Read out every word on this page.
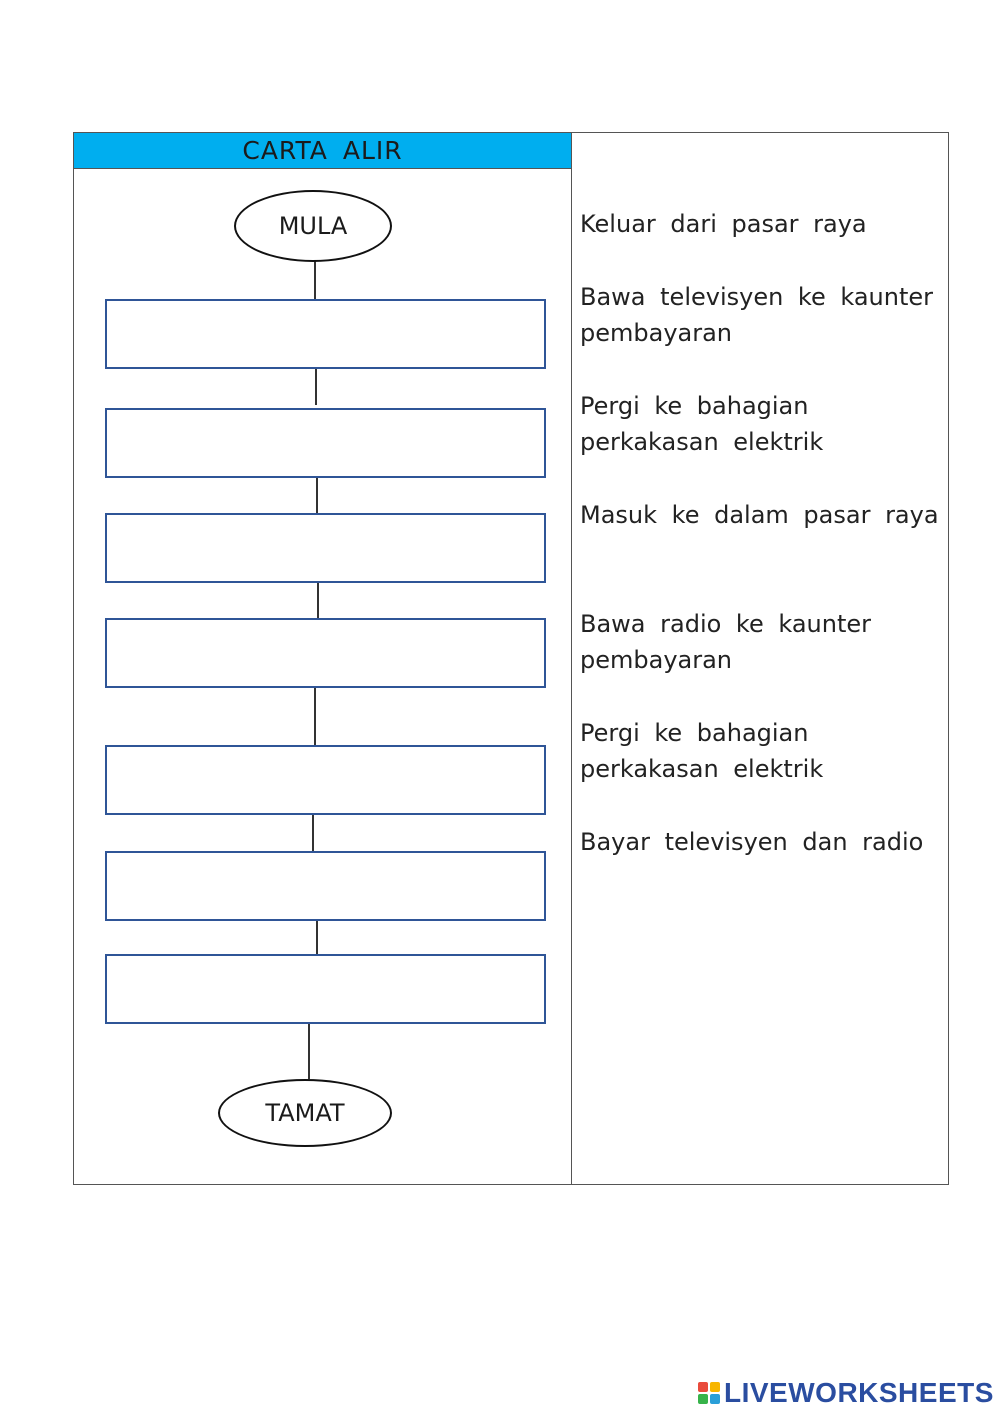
CARTA ALIR
MULA
TAMAT
Keluar dari pasar raya
Bawa televisyen ke kaunter pembayaran
Pergi ke bahagian perkakasan elektrik
Masuk ke dalam pasar raya
Bawa radio ke kaunter pembayaran
Pergi ke bahagian perkakasan elektrik
Bayar televisyen dan radio
LIVEWORKSHEETS
